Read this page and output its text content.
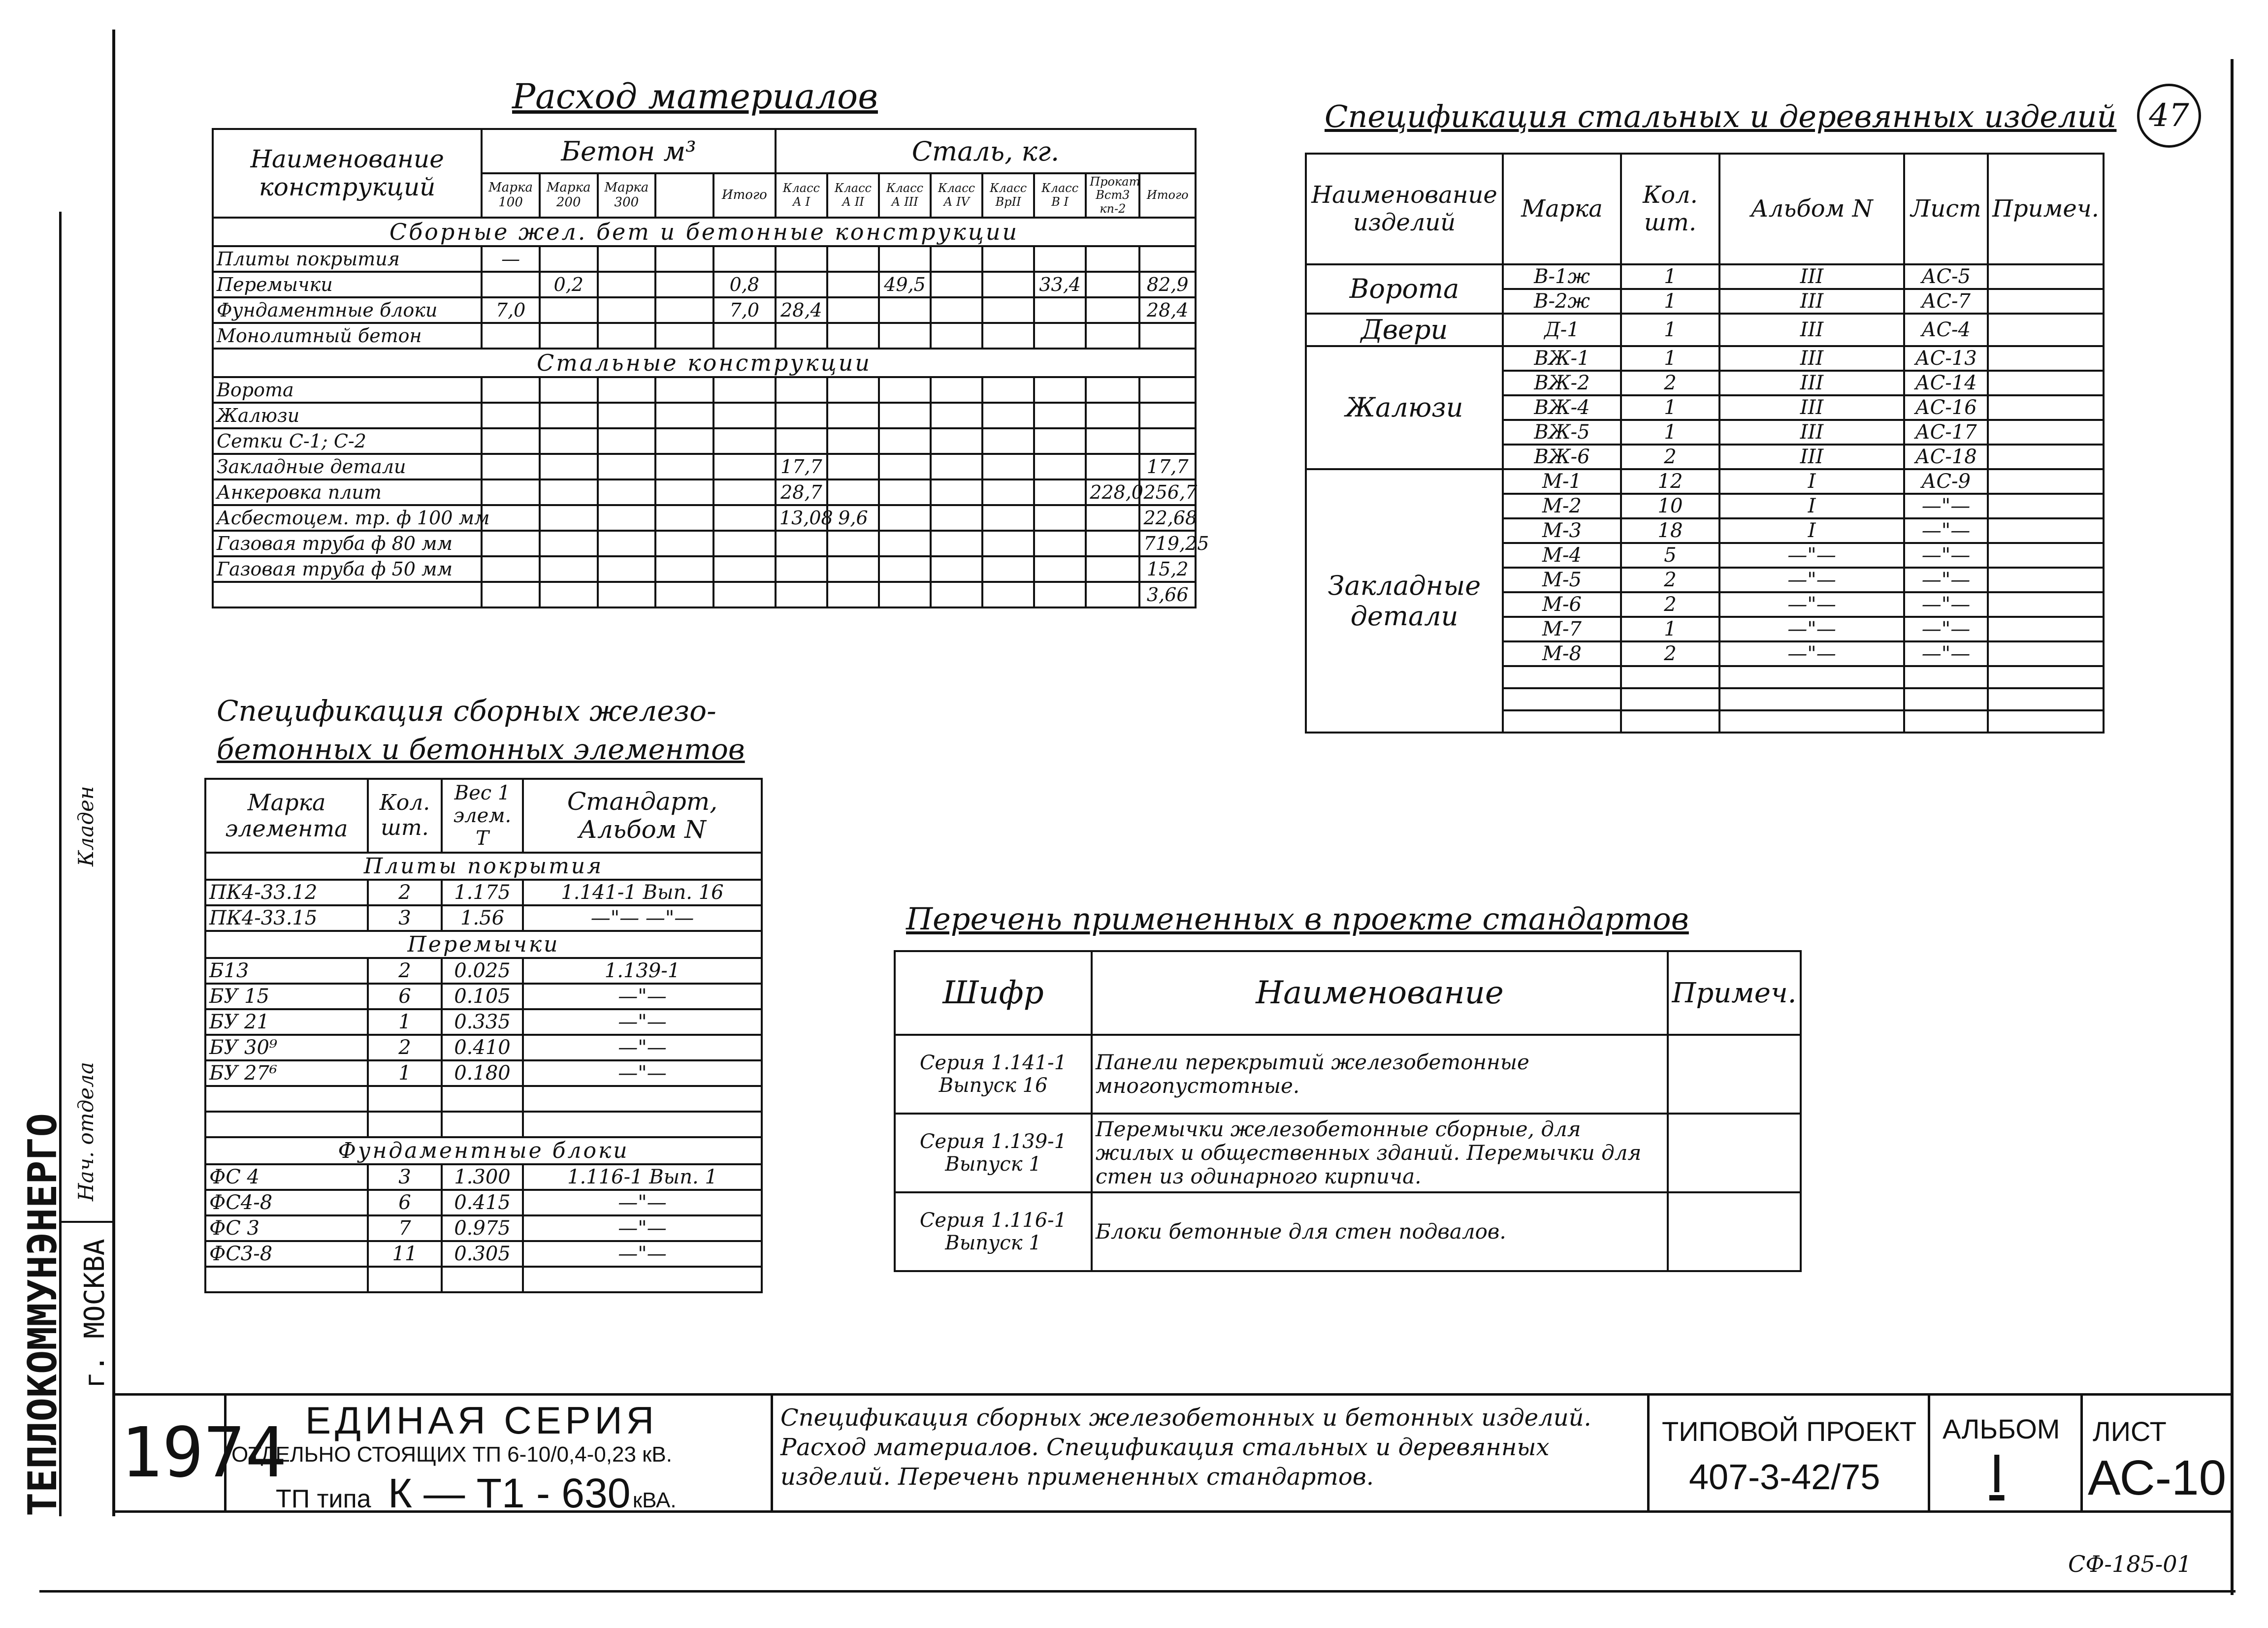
ТЕПЛОКОММУНЭНЕРГО г. МОСКВА
Нач. отдела
Кладен
47
Расход материалов
Наименование конструкций	Бетон м³					Сталь, кг.							
	Марка 100	Марка 200	Марка 300		Итого	Класс А I	Класс А II	Класс А III	Класс А IV	Класс ВрII	Класс В I	Прокат Вст3 кп-2	Итого
Сборные жел. бет и бетонные конструкции													
Плиты покрытия	—												
Перемычки		0,2			0,8			49,5			33,4		82,9
Фундаментные блоки	7,0				7,0	28,4							28,4
Монолитный бетон													
Стальные конструкции													
Ворота													
Жалюзи													
Сетки С-1; С-2													
Закладные детали						17,7							17,7
Анкеровка плит						28,7						228,0	256,7
Асбестоцем. тр. ф 100 мм						13,08	9,6						22,68
Газовая труба ф 80 мм													719,25
Газовая труба ф 50 мм													15,2
													3,66
Спецификация сборных железо-
бетонных и бетонных элементов
Марка элемента	Кол. шт.	Вес 1 элем. Т	Стандарт, Альбом N
Плиты покрытия			
ПК4-33.12	2	1.175	1.141-1 Вып. 16
ПК4-33.15	3	1.56	—"— —"—
Перемычки			
Б13	2	0.025	1.139-1
БУ 15	6	0.105	—"—
БУ 21	1	0.335	—"—
БУ 30⁹	2	0.410	—"—
БУ 27⁶	1	0.180	—"—

Фундаментные блоки			
ФС 4	3	1.300	1.116-1 Вып. 1
ФС4-8	6	0.415	—"—
ФС 3	7	0.975	—"—
ФС3-8	11	0.305	—"—

Спецификация стальных и деревянных изделий
Наименование изделий	Марка	Кол. шт.	Альбом N	Лист	Примеч.
Ворота	В-1ж	1	III	АС-5	
	В-2ж	1	III	АС-7	
Двери	Д-1	1	III	АС-4	
Жалюзи	ВЖ-1	1	III	АС-13	
	ВЖ-2	2	III	АС-14	
	ВЖ-4	1	III	АС-16	
	ВЖ-5	1	III	АС-17	
	ВЖ-6	2	III	АС-18	
Закладные детали	М-1	12	I	АС-9	
	М-2	10	I	—"—	
	М-3	18	I	—"—	
	М-4	5	—"—	—"—	
	М-5	2	—"—	—"—	
	М-6	2	—"—	—"—	
	М-7	1	—"—	—"—	
	М-8	2	—"—	—"—	

Перечень примененных в проекте стандартов
Шифр	Наименование	Примеч.

Серия 1.141-1
Выпуск 16	Панели перекрытий железобетонные многопустотные.	

Серия 1.139-1
Выпуск 1	Перемычки железобетонные сборные, для жилых и общественных зданий. Перемычки для стен из одинарного кирпича.	

Серия 1.116-1
Выпуск 1	Блоки бетонные для стен подвалов.	
1974 ЕДИНАЯ СЕРИЯ
ОТДЕЛЬНО СТОЯЩИХ ТП 6-10/0,4-0,23 кВ.
ТП типа К — Т1 - 630 кВА.
Спецификация сборных железобетонных и бетонных изделий. Расход материалов. Спецификация стальных и деревянных изделий. Перечень примененных стандартов.
ТИПОВОЙ ПРОЕКТ
407-3-42/75
АЛЬБОМ
I
ЛИСТ
АС-10
СФ-185-01
